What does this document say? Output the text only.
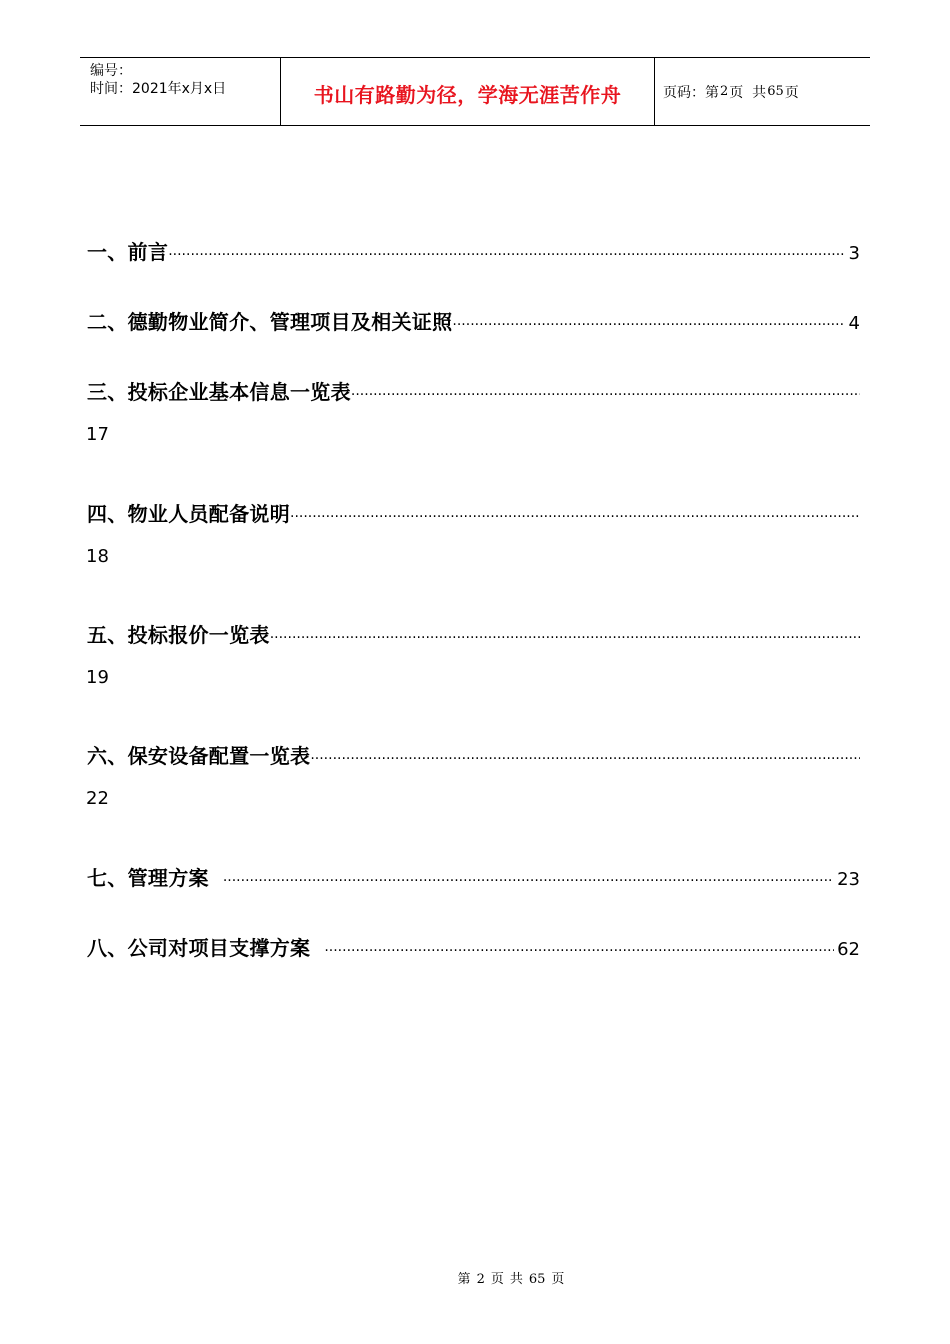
编号：
时间：2021年x月x日	书山有路勤为径，学海无涯苦作舟	页码：第 2 页  共 65 页
一、前言 ·····	3
二、德勤物业简介、管理项目及相关证照 ·····	4
三、投标企业基本信息一览表
·····
17
四、物业人员配备说明
·····
18
五、投标报价一览表
·····
19
六、保安设备配置一览表
·····
22
七、管理方案 ·····	23
八、公司对项目支撑方案 ·····	62
第 2 页 共 65 页
